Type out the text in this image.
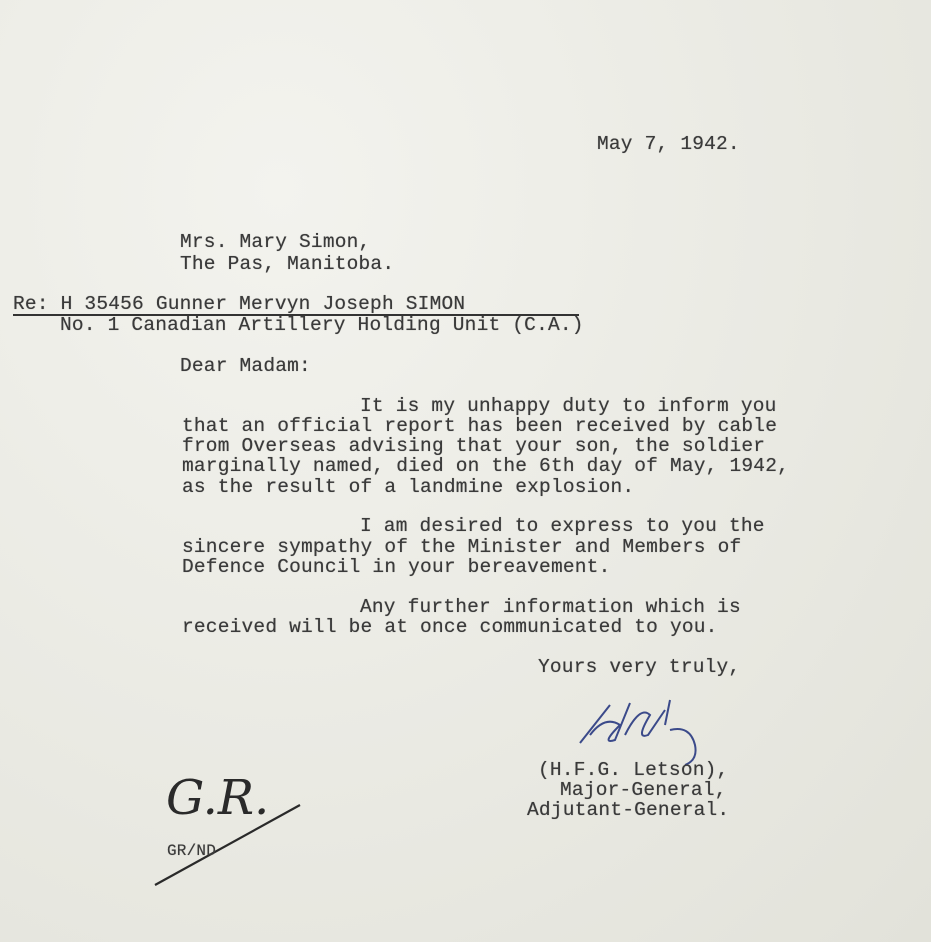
May 7, 1942.
Mrs. Mary Simon,
The Pas, Manitoba.
Re: H 35456 Gunner Mervyn Joseph SIMON
No. 1 Canadian Artillery Holding Unit (C.A.)
Dear Madam:
It is my unhappy duty to inform you
that an official report has been received by cable
from Overseas advising that your son, the soldier
marginally named, died on the 6th day of May, 1942,
as the result of a landmine explosion.
I am desired to express to you the
sincere sympathy of the Minister and Members of
Defence Council in your bereavement.
Any further information which is
received will be at once communicated to you.
Yours very truly,
(H.F.G. Letson),
Major-General,
Adjutant-General.
G.R.
GR/ND
